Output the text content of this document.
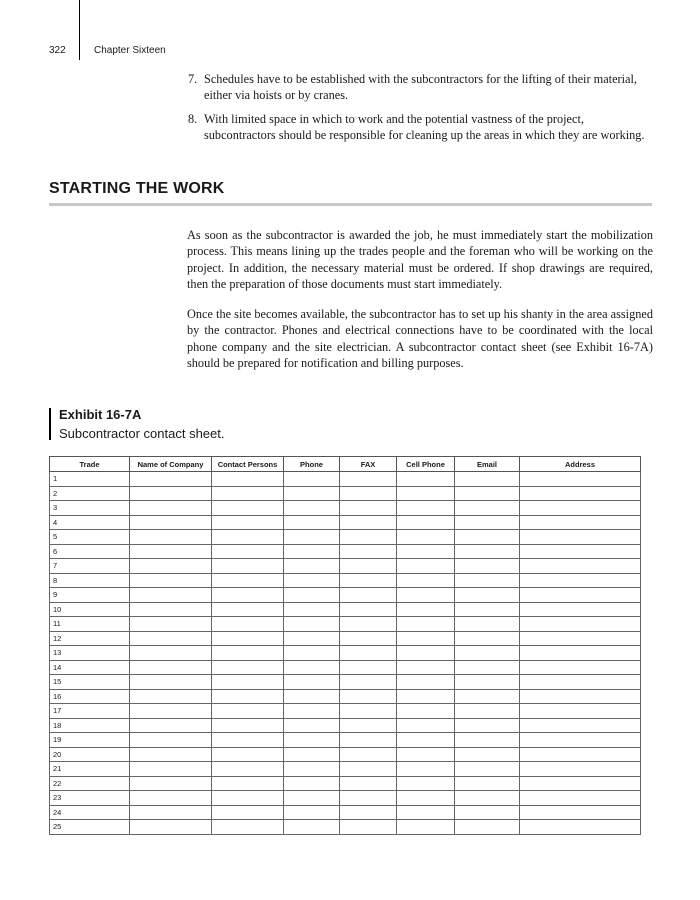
322	Chapter Sixteen
7. Schedules have to be established with the subcontractors for the lifting of their material, either via hoists or by cranes.
8. With limited space in which to work and the potential vastness of the project, subcontractors should be responsible for cleaning up the areas in which they are working.
STARTING THE WORK

As soon as the subcontractor is awarded the job, he must immediately start the mobilization process. This means lining up the trades people and the foreman who will be working on the project. In addition, the necessary material must be ordered. If shop drawings are required, then the preparation of those documents must start immediately.

Once the site becomes available, the subcontractor has to set up his shanty in the area assigned by the contractor. Phones and electrical connections have to be coordinated with the local phone company and the site electrician. A subcontractor contact sheet (see Exhibit 16-7A) should be prepared for notification and billing purposes.

Exhibit 16-7A
Subcontractor contact sheet.
Trade	Name of Company	Contact Persons	Phone	FAX	Cell Phone	Email	Address

1							

2							

3							

4							

5							

6							

7							

8							

9							

10							

11							

12							

13							

14							

15							

16							

17							

18							

19							

20							

21							

22							

23							

24							

25							
